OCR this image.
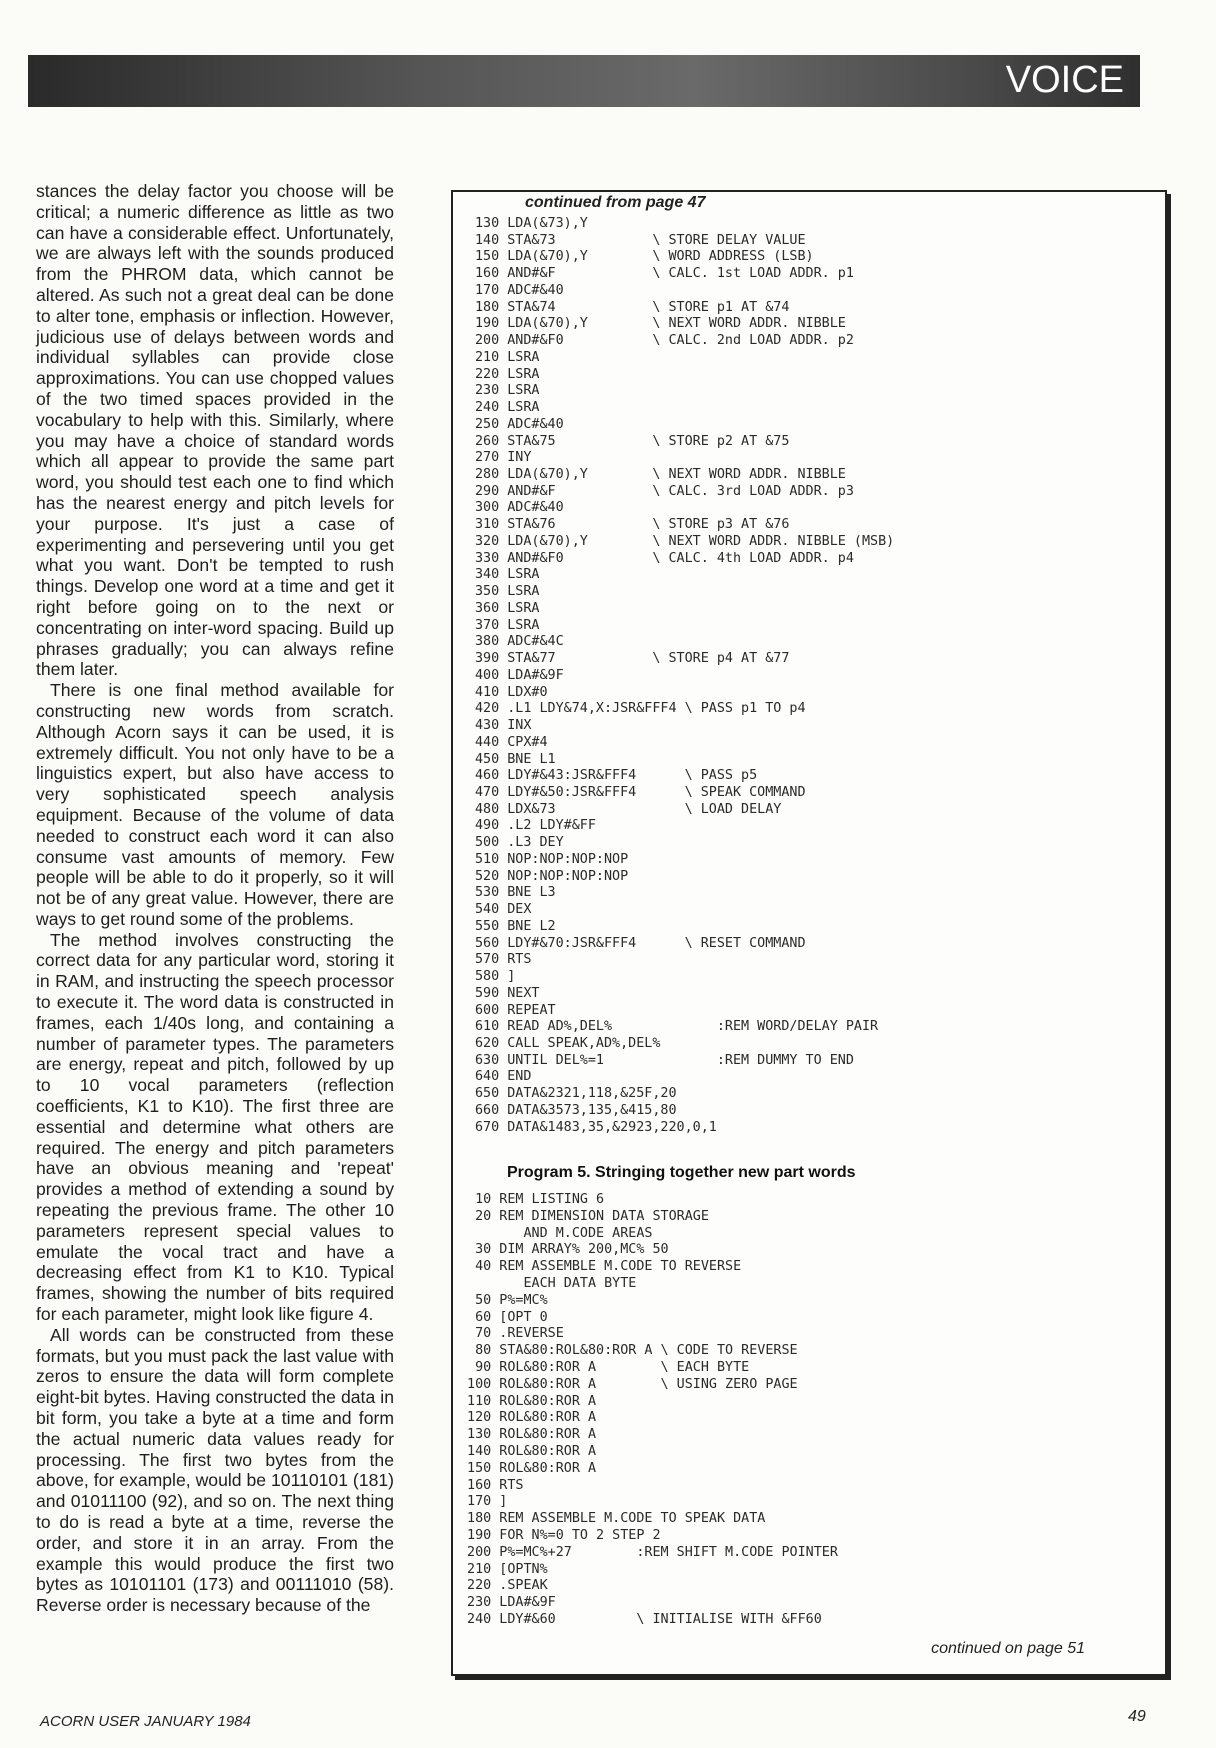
VOICE

stances the delay factor you choose will be critical; a numeric difference as little as two can have a considerable effect. Unfortunately, we are always left with the sounds produced from the PHROM data, which cannot be altered. As such not a great deal can be done to alter tone, emphasis or inflection. However, judicious use of delays between words and individual syllables can provide close approximations. You can use chopped values of the two timed spaces provided in the vocabulary to help with this. Similarly, where you may have a choice of standard words which all appear to provide the same part word, you should test each one to find which has the nearest energy and pitch levels for your purpose. It's just a case of experimenting and persevering until you get what you want. Don't be tempted to rush things. Develop one word at a time and get it right before going on to the next or concentrating on inter-word spacing. Build up phrases gradually; you can always refine them later.

There is one final method available for constructing new words from scratch. Although Acorn says it can be used, it is extremely difficult. You not only have to be a linguistics expert, but also have access to very sophisticated speech analysis equipment. Because of the volume of data needed to construct each word it can also consume vast amounts of memory. Few people will be able to do it properly, so it will not be of any great value. However, there are ways to get round some of the problems.

The method involves constructing the correct data for any particular word, storing it in RAM, and instructing the speech processor to execute it. The word data is constructed in frames, each 1/40s long, and containing a number of parameter types. The parameters are energy, repeat and pitch, followed by up to 10 vocal parameters (reflection coefficients, K1 to K10). The first three are essential and determine what others are required. The energy and pitch parameters have an obvious meaning and 'repeat' provides a method of extending a sound by repeating the previous frame. The other 10 parameters represent special values to emulate the vocal tract and have a decreasing effect from K1 to K10. Typical frames, showing the number of bits required for each parameter, might look like figure 4.

All words can be constructed from these formats, but you must pack the last value with zeros to ensure the data will form complete eight-bit bytes. Having constructed the data in bit form, you take a byte at a time and form the actual numeric data values ready for processing. The first two bytes from the above, for example, would be 10110101 (181) and 01011100 (92), and so on. The next thing to do is read a byte at a time, reverse the order, and store it in an array. From the example this would produce the first two bytes as 10101101 (173) and 00111010 (58). Reverse order is necessary because of the

continued from page 47
130 LDA(&73),Y
140 STA&73            \ STORE DELAY VALUE
150 LDA(&70),Y        \ WORD ADDRESS (LSB)
160 AND#&F            \ CALC. 1st LOAD ADDR. p1
170 ADC#&40
180 STA&74            \ STORE p1 AT &74
190 LDA(&70),Y        \ NEXT WORD ADDR. NIBBLE
200 AND#&F0           \ CALC. 2nd LOAD ADDR. p2
210 LSRA
220 LSRA
230 LSRA
240 LSRA
250 ADC#&40
260 STA&75            \ STORE p2 AT &75
270 INY
280 LDA(&70),Y        \ NEXT WORD ADDR. NIBBLE
290 AND#&F            \ CALC. 3rd LOAD ADDR. p3
300 ADC#&40
310 STA&76            \ STORE p3 AT &76
320 LDA(&70),Y        \ NEXT WORD ADDR. NIBBLE (MSB)
330 AND#&F0           \ CALC. 4th LOAD ADDR. p4
340 LSRA
350 LSRA
360 LSRA
370 LSRA
380 ADC#&4C
390 STA&77            \ STORE p4 AT &77
400 LDA#&9F
410 LDX#0
420 .L1 LDY&74,X:JSR&FFF4 \ PASS p1 TO p4
430 INX
440 CPX#4
450 BNE L1
460 LDY#&43:JSR&FFF4      \ PASS p5
470 LDY#&50:JSR&FFF4      \ SPEAK COMMAND
480 LDX&73                \ LOAD DELAY
490 .L2 LDY#&FF
500 .L3 DEY
510 NOP:NOP:NOP:NOP
520 NOP:NOP:NOP:NOP
530 BNE L3
540 DEX
550 BNE L2
560 LDY#&70:JSR&FFF4      \ RESET COMMAND
570 RTS
580 ]
590 NEXT
600 REPEAT
610 READ AD%,DEL%             :REM WORD/DELAY PAIR
620 CALL SPEAK,AD%,DEL%
630 UNTIL DEL%=1              :REM DUMMY TO END
640 END
650 DATA&2321,118,&25F,20
660 DATA&3573,135,&415,80
670 DATA&1483,35,&2923,220,0,1
Program 5. Stringing together new part words
10 REM LISTING 6
20 REM DIMENSION DATA STORAGE
AND M.CODE AREAS
30 DIM ARRAY% 200,MC% 50
40 REM ASSEMBLE M.CODE TO REVERSE
EACH DATA BYTE
50 P%=MC%
60 [OPT 0
70 .REVERSE
80 STA&80:ROL&80:ROR A \ CODE TO REVERSE
90 ROL&80:ROR A        \ EACH BYTE
100 ROL&80:ROR A        \ USING ZERO PAGE
110 ROL&80:ROR A
120 ROL&80:ROR A
130 ROL&80:ROR A
140 ROL&80:ROR A
150 ROL&80:ROR A
160 RTS
170 ]
180 REM ASSEMBLE M.CODE TO SPEAK DATA
190 FOR N%=0 TO 2 STEP 2
200 P%=MC%+27        :REM SHIFT M.CODE POINTER
210 [OPTN%
220 .SPEAK
230 LDA#&9F
240 LDY#&60          \ INITIALISE WITH &FF60
continued on page 51
ACORN USER JANUARY 1984	49
